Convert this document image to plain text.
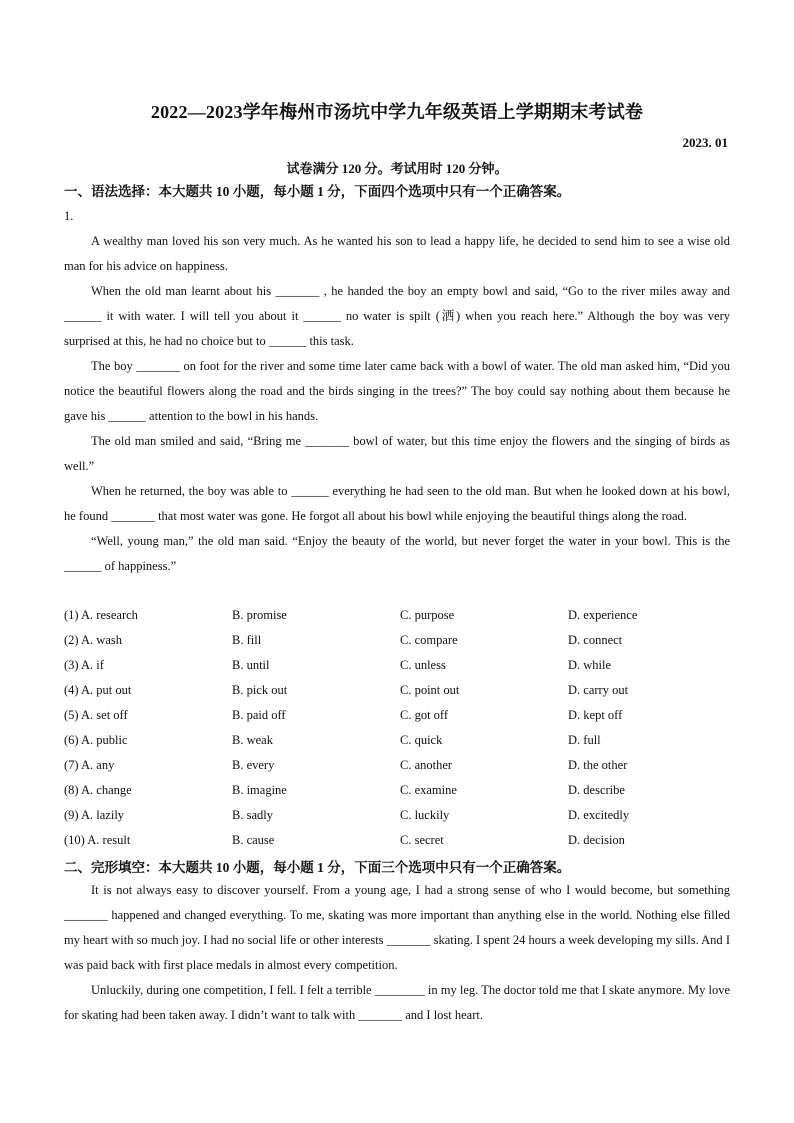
2022—2023学年梅州市汤坑中学九年级英语上学期期末考试卷
2023. 01
试卷满分 120 分。考试用时 120 分钟。
一、语法选择：本大题共 10 小题，每小题 1 分，下面四个选项中只有一个正确答案。

1.

A wealthy man loved his son very much. As he wanted his son to lead a happy life, he decided to send him to see a wise old man for his advice on happiness.

When the old man learnt about his _______ , he handed the boy an empty bowl and said, “Go to the river miles away and ______ it with water. I will tell you about it ______ no water is spilt (洒) when you reach here.” Although the boy was very surprised at this, he had no choice but to ______ this task.

The boy _______ on foot for the river and some time later came back with a bowl of water. The old man asked him, “Did you notice the beautiful flowers along the road and the birds singing in the trees?” The boy could say nothing about them because he gave his ______ attention to the bowl in his hands.

The old man smiled and said, “Bring me _______ bowl of water, but this time enjoy the flowers and the singing of birds as well.”

When he returned, the boy was able to ______ everything he had seen to the old man. But when he looked down at his bowl, he found _______ that most water was gone. He forgot all about his bowl while enjoying the beautiful things along the road.

“Well, young man,” the old man said. “Enjoy the beauty of the world, but never forget the water in your bowl. This is the ______ of happiness.”

(1) A. research	B. promise	C. purpose	D. experience
(2) A. wash	B. fill	C. compare	D. connect
(3) A. if	B. until	C. unless	D. while
(4) A. put out	B. pick out	C. point out	D. carry out
(5) A. set off	B. paid off	C. got off	D. kept off
(6) A. public	B. weak	C. quick	D. full
(7) A. any	B. every	C. another	D. the other
(8) A. change	B. imagine	C. examine	D. describe
(9) A. lazily	B. sadly	C. luckily	D. excitedly
(10) A. result	B. cause	C. secret	D. decision
二、完形填空：本大题共 10 小题，每小题 1 分，下面三个选项中只有一个正确答案。

It is not always easy to discover yourself. From a young age, I had a strong sense of who I would become, but something _______ happened and changed everything. To me, skating was more important than anything else in the world. Nothing else filled my heart with so much joy. I had no social life or other interests _______ skating. I spent 24 hours a week developing my sills. And I was paid back with first place medals in almost every competition.

Unluckily, during one competition, I fell. I felt a terrible ________ in my leg. The doctor told me that I skate anymore. My love for skating had been taken away. I didn’t want to talk with _______ and I lost heart.
